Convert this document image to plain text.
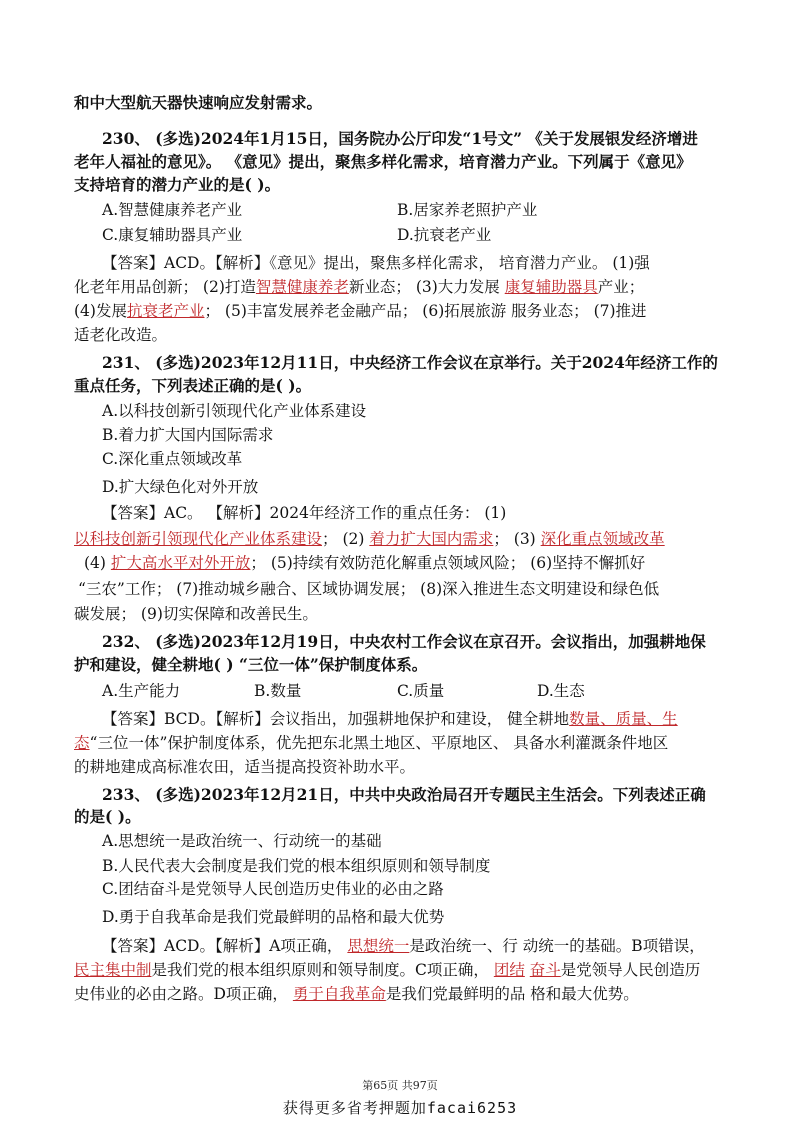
和中大型航天器快速响应发射需求。
230、 (多选)2024年1月15日，国务院办公厅印发“1号文” 《关于发展银发经济增进
老年人福祉的意见》。 《意见》提出，聚焦多样化需求，培育潜力产业。下列属于《意见》
支持培育的潜力产业的是( )。
A.智慧健康养老产业	B.居家养老照护产业
C.康复辅助器具产业	D.抗衰老产业
【答案】ACD。【解析】《意见》提出，聚焦多样化需求， 培育潜力产业。 (1)强
化老年用品创新； (2)打造智慧健康养老新业态； (3)大力发展 康复辅助器具产业；
(4)发展抗衰老产业； (5)丰富发展养老金融产品； (6)拓展旅游 服务业态； (7)推进
适老化改造。
231、 (多选)2023年12月11日，中央经济工作会议在京举行。关于2024年经济工作的
重点任务，下列表述正确的是( )。
A.以科技创新引领现代化产业体系建设
B.着力扩大国内国际需求
C.深化重点领域改革
D.扩大绿色化对外开放
【答案】AC。 【解析】2024年经济工作的重点任务： (1)
以科技创新引领现代化产业体系建设； (2) 着力扩大国内需求； (3) 深化重点领域改革
(4) 扩大高水平对外开放； (5)持续有效防范化解重点领域风险； (6)坚持不懈抓好
“三农”工作； (7)推动城乡融合、区域协调发展； (8)深入推进生态文明建设和绿色低
碳发展； (9)切实保障和改善民生。
232、 (多选)2023年12月19日，中央农村工作会议在京召开。会议指出，加强耕地保
护和建设，健全耕地( ) “三位一体”保护制度体系。
A.生产能力	B.数量	C.质量	D.生态
【答案】BCD。【解析】会议指出，加强耕地保护和建设， 健全耕地数量、质量、生
态“三位一体”保护制度体系，优先把东北黑土地区、平原地区、 具备水利灌溉条件地区
的耕地建成高标准农田，适当提高投资补助水平。
233、 (多选)2023年12月21日，中共中央政治局召开专题民主生活会。下列表述正确
的是( )。
A.思想统一是政治统一、行动统一的基础
B.人民代表大会制度是我们党的根本组织原则和领导制度
C.团结奋斗是党领导人民创造历史伟业的必由之路
D.勇于自我革命是我们党最鲜明的品格和最大优势
【答案】ACD。【解析】A项正确， 思想统一是政治统一、行 动统一的基础。B项错误，
民主集中制是我们党的根本组织原则和领导制度。C项正确， 团结 奋斗是党领导人民创造历
史伟业的必由之路。D项正确， 勇于自我革命是我们党最鲜明的品 格和最大优势。
第65页 共97页
获得更多省考押题加facai6253
